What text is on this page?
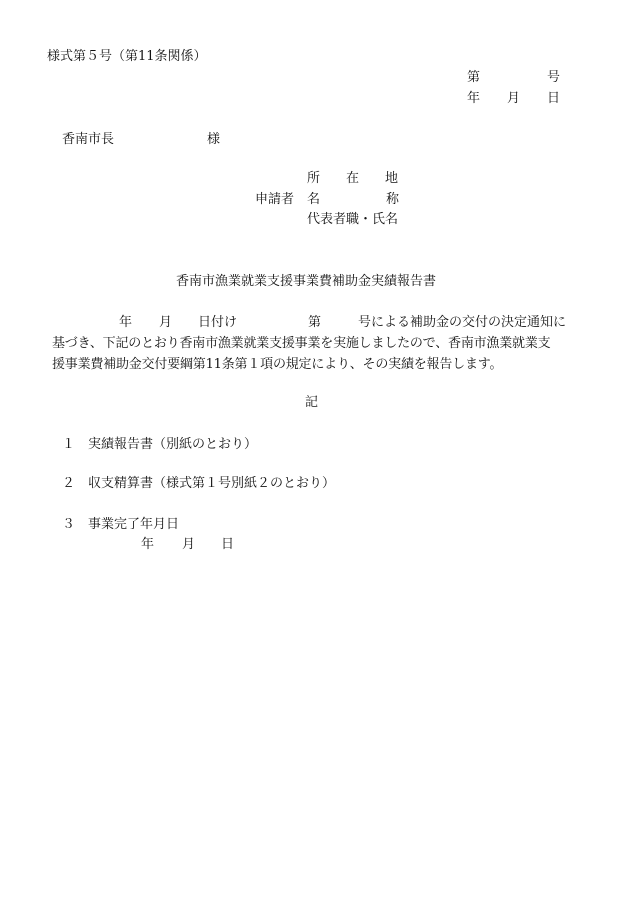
様式第５号（第11条関係）
第	号
年 月 日
香南市長	様
所　　在　　地
申請者 名	称
代表者職・氏名
香南市漁業就業支援事業費補助金実績報告書
年 月 日付け	第	号による補助金の交付の決定通知に
基づき、下記のとおり香南市漁業就業支援事業を実施しましたので、香南市漁業就業支
援事業費補助金交付要綱第11条第１項の規定により、その実績を報告します。
記
１ 実績報告書（別紙のとおり）
２ 収支精算書（様式第１号別紙２のとおり）
３ 事業完了年月日
年 月 日
